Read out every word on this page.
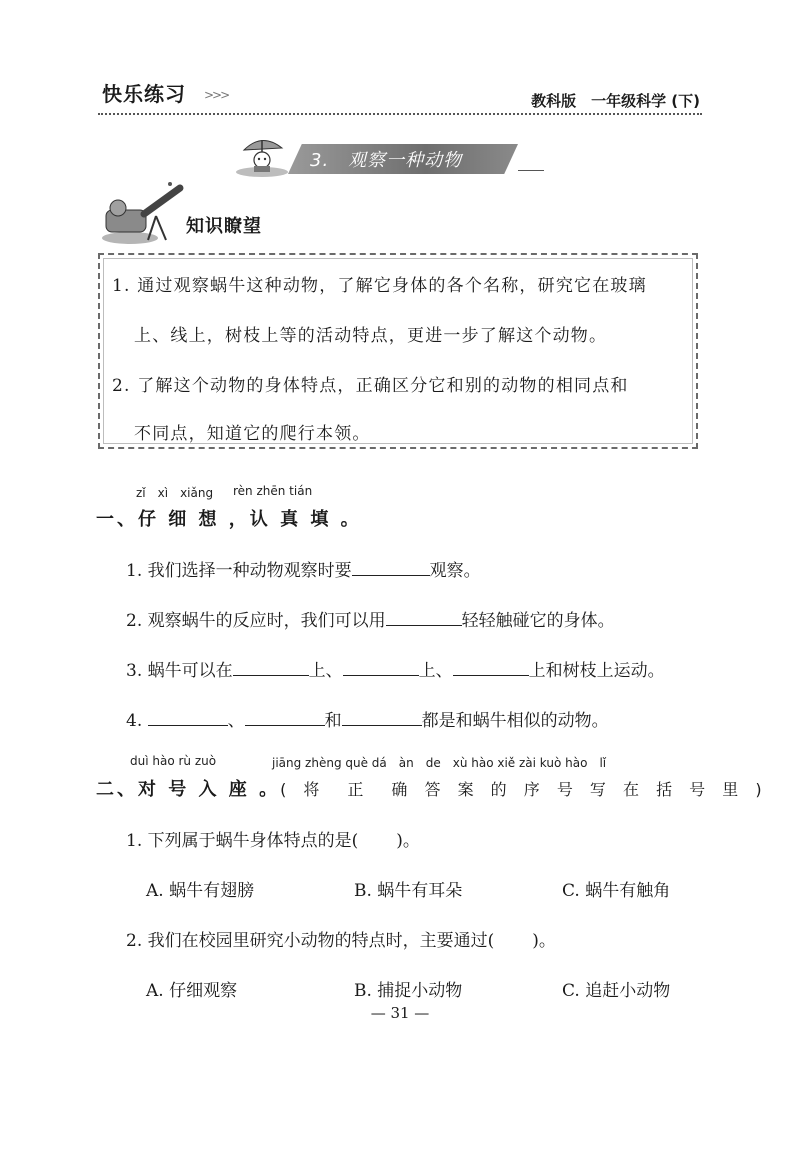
快乐练习 >>>	教科版　一年级科学 (下)
3.　观察一种动物
知识瞭望
1. 通过观察蜗牛这种动物，了解它身体的各个名称，研究它在玻璃
上、线上，树枝上等的活动特点，更进一步了解这个动物。
2. 了解这个动物的身体特点，正确区分它和别的动物的相同点和
不同点，知道它的爬行本领。
zǐ　xì　xiǎng rèn zhēn tián
一、仔 细 想 ，认 真 填 。
1. 我们选择一种动物观察时要	观察。
2. 观察蜗牛的反应时，我们可以用	轻轻触碰它的身体。
3. 蜗牛可以在	上、	上、	上和树枝上运动。
4.	、	和	都是和蜗牛相似的动物。
duì hào rù zuò	jiāng zhèng què dá　àn　de　xù hào xiě zài kuò hào　lǐ
二、对 号 入 座 。( 将　正　确 答 案 的 序 号 写 在 括 号 里 )
1. 下列属于蜗牛身体特点的是( )。
A. 蜗牛有翅膀	B. 蜗牛有耳朵	C. 蜗牛有触角
2. 我们在校园里研究小动物的特点时，主要通过( )。
A. 仔细观察	B. 捕捉小动物	C. 追赶小动物
— 31 —
